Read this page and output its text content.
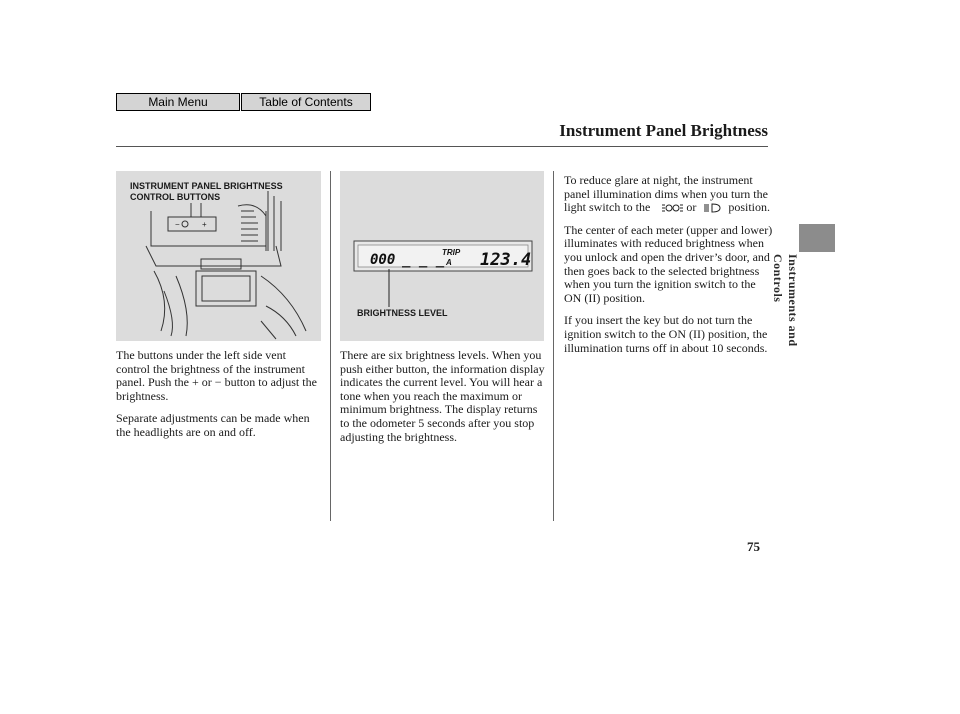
Main Menu	Table of Contents
Instrument Panel Brightness
Instruments and Controls
INSTRUMENT PANEL BRIGHTNESS CONTROL BUTTONS
−	+
000 _ _ _
TRIP
A 123.4
BRIGHTNESS LEVEL

The buttons under the left side vent control the brightness of the instrument panel. Push the + or − button to adjust the brightness.

Separate adjustments can be made when the headlights are on and off.

There are six brightness levels. When you push either button, the information display indicates the current level. You will hear a tone when you reach the maximum or minimum brightness. The display returns to the odometer 5 seconds after you stop adjusting the brightness.

To reduce glare at night, the instrument panel illumination dims when you turn the light switch to the	or	position.

The center of each meter (upper and lower) illuminates with reduced brightness when you unlock and open the driver’s door, and then goes back to the selected brightness when you turn the ignition switch to the ON (II) position.

If you insert the key but do not turn the ignition switch to the ON (II) position, the illumination turns off in about 10 seconds.

75
